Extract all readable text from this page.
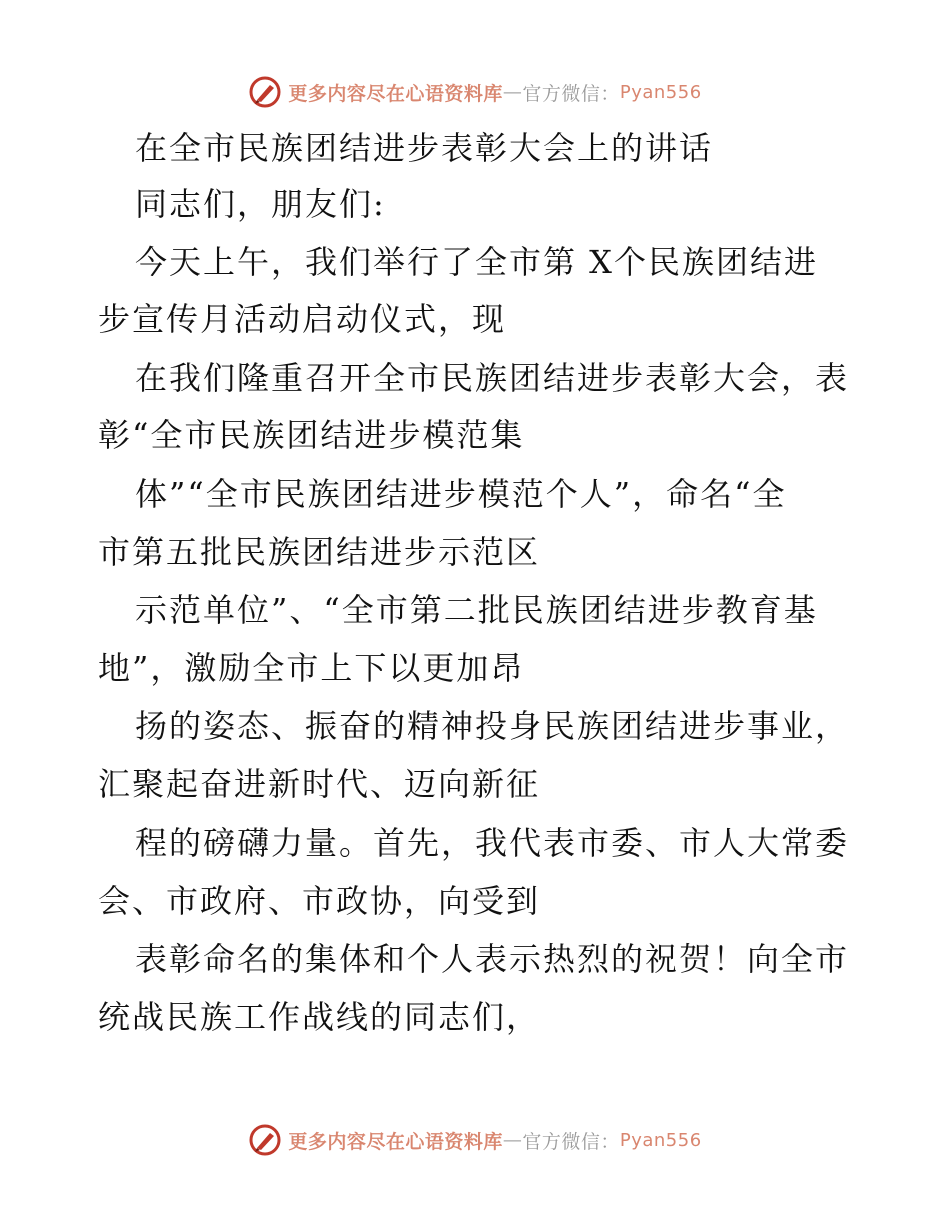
更多内容尽在心语资料库 — 官方微信： Pyan556
在全市民族团结进步表彰大会上的讲话
同志们，朋友们:
今天上午，我们举行了全市第 X个民族团结进
步宣传月活动启动仪式，现
在我们隆重召开全市民族团结进步表彰大会，表
彰“全市民族团结进步模范集
体”“全市民族团结进步模范个人”，命名“全
市第五批民族团结进步示范区
示范单位”、“全市第二批民族团结进步教育基
地”，激励全市上下以更加昂
扬的姿态、振奋的精神投身民族团结进步事业，
汇聚起奋进新时代、迈向新征
程的磅礴力量。首先，我代表市委、市人大常委
会、市政府、市政协，向受到
表彰命名的集体和个人表示热烈的祝贺！向全市
统战民族工作战线的同志们，
更多内容尽在心语资料库 — 官方微信： Pyan556
